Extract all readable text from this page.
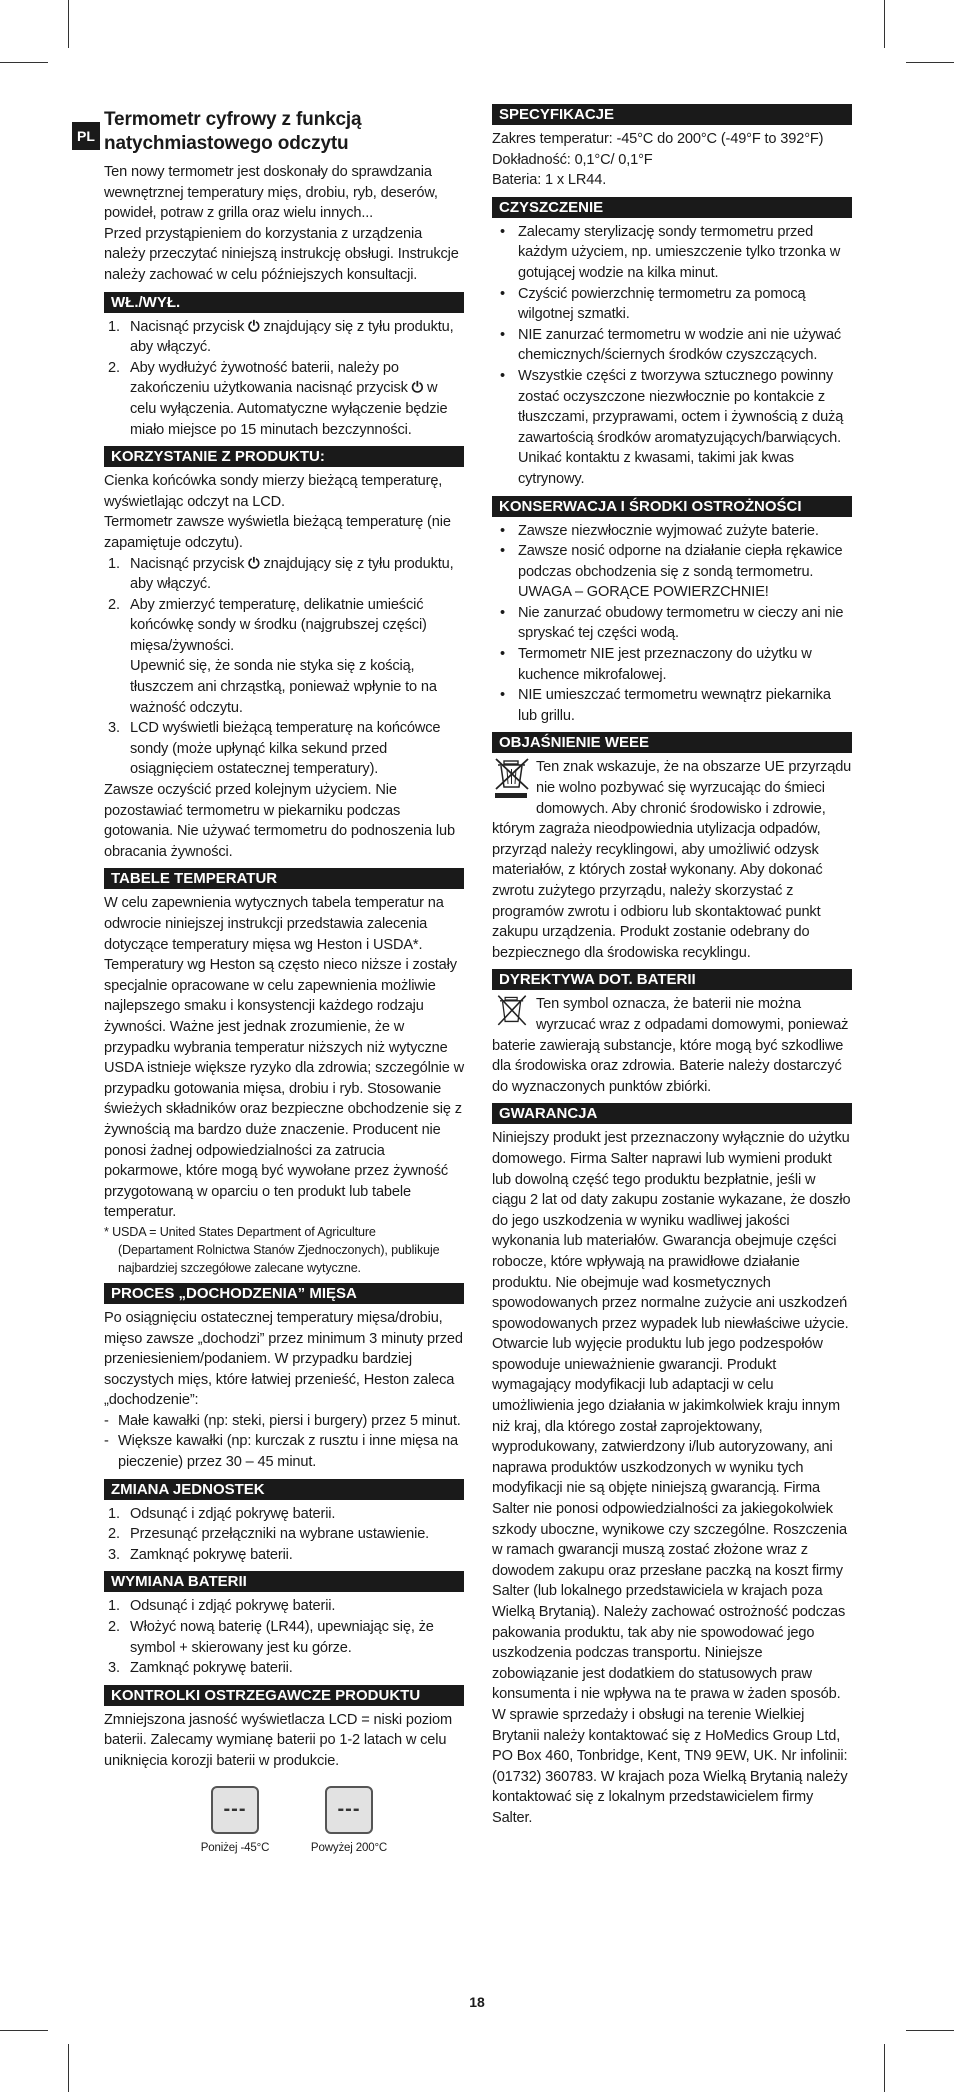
PL
Termometr cyfrowy z funkcją natychmiastowego odczytu

Ten nowy termometr jest doskonały do sprawdzania wewnętrznej temperatury mięs, drobiu, ryb, deserów, powideł, potraw z grilla oraz wielu innych...

Przed przystąpieniem do korzystania z urządzenia należy przeczytać niniejszą instrukcję obsługi. Instrukcje należy zachować w celu późniejszych konsultacji.

WŁ./WYŁ.
1. Nacisnąć przycisk ⏻ znajdujący się z tyłu produktu, aby włączyć.
2. Aby wydłużyć żywotność baterii, należy po zakończeniu użytkowania nacisnąć przycisk ⏻ w celu wyłączenia. Automatyczne wyłączenie będzie miało miejsce po 15 minutach bezczynności.
KORZYSTANIE Z PRODUKTU:

Cienka końcówka sondy mierzy bieżącą temperaturę, wyświetlając odczyt na LCD.

Termometr zawsze wyświetla bieżącą temperaturę (nie zapamiętuje odczytu).

1. Nacisnąć przycisk ⏻ znajdujący się z tyłu produktu, aby włączyć.
2. Aby zmierzyć temperaturę, delikatnie umieścić końcówkę sondy w środku (najgrubszej części) mięsa/żywności.
Upewnić się, że sonda nie styka się z kością, tłuszczem ani chrząstką, ponieważ wpłynie to na ważność odczytu.
3. LCD wyświetli bieżącą temperaturę na końcówce sondy (może upłynąć kilka sekund przed osiągnięciem ostatecznej temperatury).

Zawsze oczyścić przed kolejnym użyciem. Nie pozostawiać termometru w piekarniku podczas gotowania. Nie używać termometru do podnoszenia lub obracania żywności.

TABELE TEMPERATUR

W celu zapewnienia wytycznych tabela temperatur na odwrocie niniejszej instrukcji przedstawia zalecenia dotyczące temperatury mięsa wg Heston i USDA*. Temperatury wg Heston są często nieco niższe i zostały specjalnie opracowane w celu zapewnienia możliwie najlepszego smaku i konsystencji każdego rodzaju żywności. Ważne jest jednak zrozumienie, że w przypadku wybrania temperatur niższych niż wytyczne USDA istnieje większe ryzyko dla zdrowia; szczególnie w przypadku gotowania mięsa, drobiu i ryb. Stosowanie świeżych składników oraz bezpieczne obchodzenie się z żywnością ma bardzo duże znaczenie. Producent nie ponosi żadnej odpowiedzialności za zatrucia pokarmowe, które mogą być wywołane przez żywność przygotowaną w oparciu o ten produkt lub tabele temperatur.

* USDA = United States Department of Agriculture

(Departament Rolnictwa Stanów Zjednoczonych), publikuje najbardziej szczegółowe zalecane wytyczne.

PROCES „DOCHODZENIA” MIĘSA

Po osiągnięciu ostatecznej temperatury mięsa/drobiu, mięso zawsze „dochodzi” przez minimum 3 minuty przed przeniesieniem/podaniem. W przypadku bardziej soczystych mięs, które łatwiej przenieść, Heston zaleca „dochodzenie”:

- Małe kawałki (np: steki, piersi i burgery) przez 5 minut.
- Większe kawałki (np: kurczak z rusztu i inne mięsa na pieczenie) przez 30 – 45 minut.
ZMIANA JEDNOSTEK
1. Odsunąć i zdjąć pokrywę baterii.
2. Przesunąć przełączniki na wybrane ustawienie.
3. Zamknąć pokrywę baterii.
WYMIANA BATERII
1. Odsunąć i zdjąć pokrywę baterii.
2. Włożyć nową baterię (LR44), upewniając się, że symbol + skierowany jest ku górze.
3. Zamknąć pokrywę baterii.
KONTROLKI OSTRZEGAWCZE PRODUKTU

Zmniejszona jasność wyświetlacza LCD = niski poziom baterii. Zalecamy wymianę baterii po 1-2 latach w celu uniknięcia korozji baterii w produkcie.

---
Poniżej -45°C
---
Powyżej 200°C
SPECYFIKACJE

Zakres temperatur: -45°C do 200°C (-49°F to 392°F)

Dokładność: 0,1°C/ 0,1°F

Bateria: 1 x LR44.

CZYSZCZENIE
• Zalecamy sterylizację sondy termometru przed każdym użyciem, np. umieszczenie tylko trzonka w gotującej wodzie na kilka minut.
• Czyścić powierzchnię termometru za pomocą wilgotnej szmatki.
• NIE zanurzać termometru w wodzie ani nie używać chemicznych/ściernych środków czyszczących.
• Wszystkie części z tworzywa sztucznego powinny zostać oczyszczone niezwłocznie po kontakcie z tłuszczami, przyprawami, octem i żywnością z dużą zawartością środków aromatyzujących/barwiących. Unikać kontaktu z kwasami, takimi jak kwas cytrynowy.
KONSERWACJA I ŚRODKI OSTROŻNOŚCI
• Zawsze niezwłocznie wyjmować zużyte baterie.
• Zawsze nosić odporne na działanie ciepła rękawice podczas obchodzenia się z sondą termometru. UWAGA – GORĄCE POWIERZCHNIE!
• Nie zanurzać obudowy termometru w cieczy ani nie spryskać tej części wodą.
• Termometr NIE jest przeznaczony do użytku w kuchence mikrofalowej.
• NIE umieszczać termometru wewnątrz piekarnika lub grillu.
OBJAŚNIENIE WEEE

Ten znak wskazuje, że na obszarze UE przyrządu nie wolno pozbywać się wyrzucając do śmieci domowych. Aby chronić środowisko i zdrowie, którym zagraża nieodpowiednia utylizacja odpadów, przyrząd należy recyklingowi, aby umożliwić odzysk materiałów, z których został wykonany. Aby dokonać zwrotu zużytego przyrządu, należy skorzystać z programów zwrotu i odbioru lub skontaktować punkt zakupu urządzenia. Produkt zostanie odebrany do bezpiecznego dla środowiska recyklingu.

DYREKTYWA DOT. BATERII

Ten symbol oznacza, że baterii nie można wyrzucać wraz z odpadami domowymi, ponieważ baterie zawierają substancje, które mogą być szkodliwe dla środowiska oraz zdrowia. Baterie należy dostarczyć do wyznaczonych punktów zbiórki.

GWARANCJA

Niniejszy produkt jest przeznaczony wyłącznie do użytku domowego. Firma Salter naprawi lub wymieni produkt lub dowolną część tego produktu bezpłatnie, jeśli w ciągu 2 lat od daty zakupu zostanie wykazane, że doszło do jego uszkodzenia w wyniku wadliwej jakości wykonania lub materiałów. Gwarancja obejmuje części robocze, które wpływają na prawidłowe działanie produktu. Nie obejmuje wad kosmetycznych spowodowanych przez normalne zużycie ani uszkodzeń spowodowanych przez wypadek lub niewłaściwe użycie. Otwarcie lub wyjęcie produktu lub jego podzespołów spowoduje unieważnienie gwarancji. Produkt wymagający modyfikacji lub adaptacji w celu umożliwienia jego działania w jakimkolwiek kraju innym niż kraj, dla którego został zaprojektowany, wyprodukowany, zatwierdzony i/lub autoryzowany, ani naprawa produktów uszkodzonych w wyniku tych modyfikacji nie są objęte niniejszą gwarancją. Firma Salter nie ponosi odpowiedzialności za jakiegokolwiek szkody uboczne, wynikowe czy szczególne. Roszczenia w ramach gwarancji muszą zostać złożone wraz z dowodem zakupu oraz przesłane paczką na koszt firmy Salter (lub lokalnego przedstawiciela w krajach poza Wielką Brytanią). Należy zachować ostrożność podczas pakowania produktu, tak aby nie spowodować jego uszkodzenia podczas transportu. Niniejsze zobowiązanie jest dodatkiem do statusowych praw konsumenta i nie wpływa na te prawa w żaden sposób. W sprawie sprzedaży i obsługi na terenie Wielkiej Brytanii należy kontaktować się z HoMedics Group Ltd, PO Box 460, Tonbridge, Kent, TN9 9EW, UK. Nr infolinii: (01732) 360783. W krajach poza Wielką Brytanią należy kontaktować się z lokalnym przedstawicielem firmy Salter.

18
